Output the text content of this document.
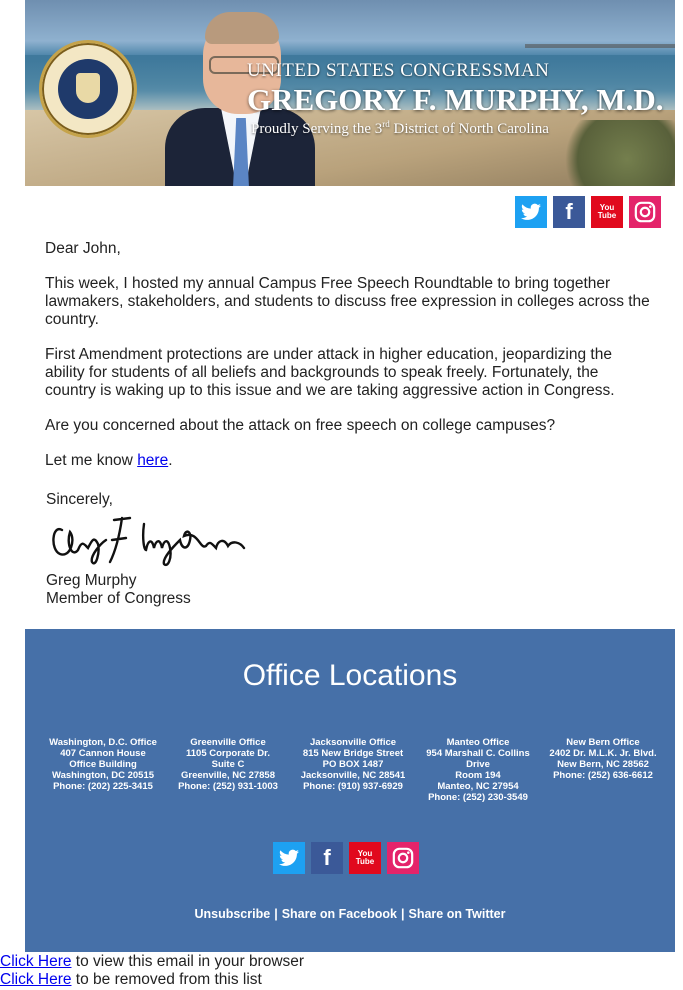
UNITED STATES CONGRESSMAN
GREGORY F. MURPHY, M.D.
Proudly Serving the 3rd District of North Carolina
f	You
Tube

Dear John,

This week, I hosted my annual Campus Free Speech Roundtable to bring together lawmakers, stakeholders, and students to discuss free expression in colleges across the country.

First Amendment protections are under attack in higher education, jeopardizing the ability for students of all beliefs and backgrounds to speak freely. Fortunately, the country is waking up to this issue and we are taking aggressive action in Congress.

Are you concerned about the attack on free speech on college campuses?

Let me know here.

Sincerely,
Greg Murphy
Member of Congress
Office Locations
Washington, D.C. Office
407 Cannon House
Office Building
Washington, DC 20515
Phone: (202) 225-3415
Greenville Office
1105 Corporate Dr.
Suite C
Greenville, NC 27858
Phone: (252) 931-1003
Jacksonville Office
815 New Bridge Street
PO BOX 1487
Jacksonville, NC 28541
Phone: (910) 937-6929
Manteo Office
954 Marshall C. Collins
Drive
Room 194
Manteo, NC 27954
Phone: (252) 230-3549
New Bern Office
2402 Dr. M.L.K. Jr. Blvd.
New Bern, NC 28562
Phone: (252) 636-6612
Unsubscribe | Share on Facebook | Share on Twitter
f	You
Tube
Click Here to view this email in your browser
Click Here to be removed from this list
